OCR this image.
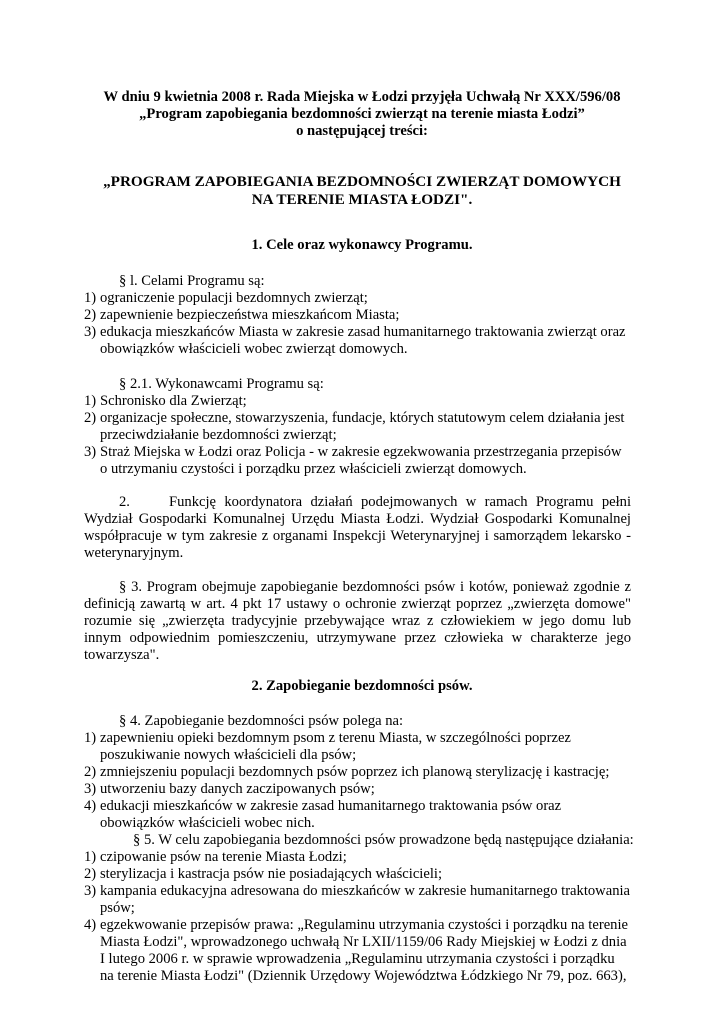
W dniu 9 kwietnia 2008 r. Rada Miejska w Łodzi przyjęła Uchwałą Nr XXX/596/08
„Program zapobiegania bezdomności zwierząt na terenie miasta Łodzi”
o następującej treści:
„PROGRAM ZAPOBIEGANIA BEZDOMNOŚCI ZWIERZĄT DOMOWYCH
NA TERENIE MIASTA ŁODZI".
1. Cele oraz wykonawcy Programu.
§ l. Celami Programu są:
1) ograniczenie populacji bezdomnych zwierząt;
2) zapewnienie bezpieczeństwa mieszkańcom Miasta;
3) edukacja mieszkańców Miasta w zakresie zasad humanitarnego traktowania zwierząt oraz
obowiązków właścicieli wobec zwierząt domowych.
§ 2.1. Wykonawcami Programu są:
1) Schronisko dla Zwierząt;
2) organizacje społeczne, stowarzyszenia, fundacje, których statutowym celem działania jest
przeciwdziałanie bezdomności zwierząt;
3) Straż Miejska w Łodzi oraz Policja - w zakresie egzekwowania przestrzegania przepisów
o utrzymaniu czystości i porządku przez właścicieli zwierząt domowych.
2.	Funkcję koordynatora działań podejmowanych w ramach Programu pełni
Wydział Gospodarki Komunalnej Urzędu Miasta Łodzi. Wydział Gospodarki Komunalnej
współpracuje w tym zakresie z organami Inspekcji Weterynaryjnej i samorządem lekarsko -
weterynaryjnym.
§ 3. Program obejmuje zapobieganie bezdomności psów i kotów, ponieważ zgodnie z
definicją zawartą w art. 4 pkt 17 ustawy o ochronie zwierząt poprzez „zwierzęta domowe"
rozumie się „zwierzęta tradycyjnie przebywające wraz z człowiekiem w jego domu lub
innym odpowiednim pomieszczeniu, utrzymywane przez człowieka w charakterze jego
towarzysza".
2. Zapobieganie bezdomności psów.
§ 4. Zapobieganie bezdomności psów polega na:
1) zapewnieniu opieki bezdomnym psom z terenu Miasta, w szczególności poprzez
poszukiwanie nowych właścicieli dla psów;
2) zmniejszeniu populacji bezdomnych psów poprzez ich planową sterylizację i kastrację;
3) utworzeniu bazy danych zaczipowanych psów;
4) edukacji mieszkańców w zakresie zasad humanitarnego traktowania psów oraz
obowiązków właścicieli wobec nich.
§ 5. W celu zapobiegania bezdomności psów prowadzone będą następujące działania:
1) czipowanie psów na terenie Miasta Łodzi;
2) sterylizacja i kastracja psów nie posiadających właścicieli;
3) kampania edukacyjna adresowana do mieszkańców w zakresie humanitarnego traktowania
psów;
4) egzekwowanie przepisów prawa: „Regulaminu utrzymania czystości i porządku na terenie
Miasta Łodzi", wprowadzonego uchwałą Nr LXII/1159/06 Rady Miejskiej w Łodzi z dnia
I lutego 2006 r. w sprawie wprowadzenia „Regulaminu utrzymania czystości i porządku
na terenie Miasta Łodzi" (Dziennik Urzędowy Województwa Łódzkiego Nr 79, poz. 663),
